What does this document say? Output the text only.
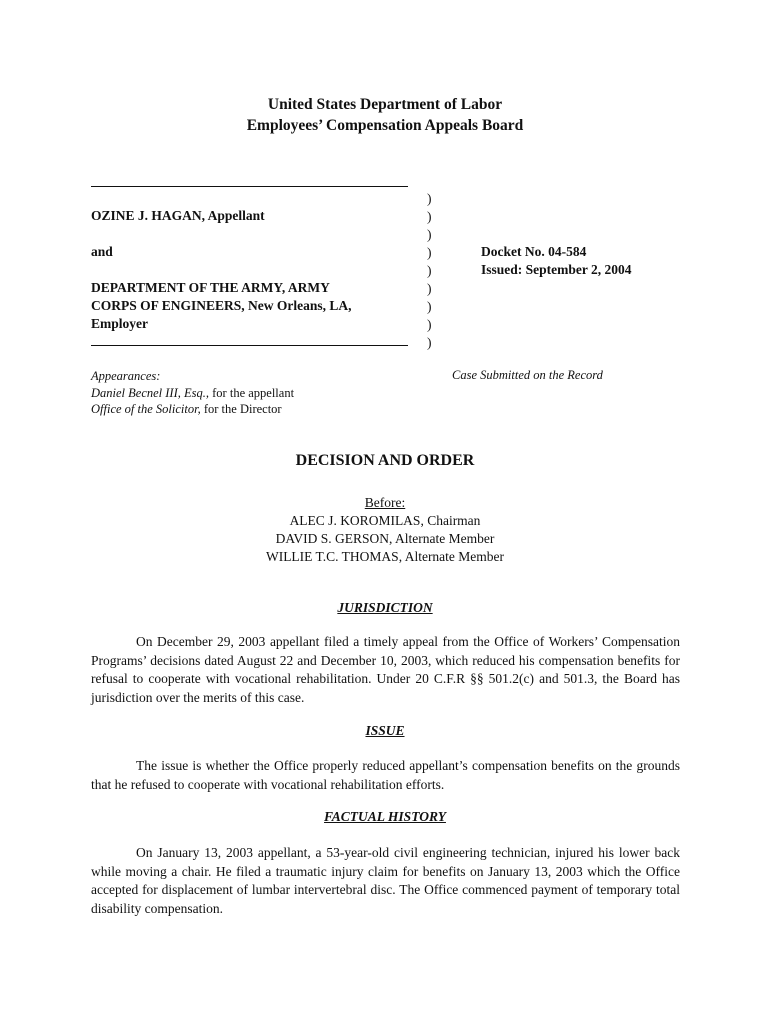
United States Department of Labor
Employees’ Compensation Appeals Board
OZINE J. HAGAN, Appellant
and
DEPARTMENT OF THE ARMY, ARMY
CORPS OF ENGINEERS, New Orleans, LA,
Employer
)
)
)
)
)
)
)
)
)
Docket No. 04-584
Issued: September 2, 2004
Appearances:
Daniel Becnel III, Esq., for the appellant
Office of the Solicitor, for the Director
Case Submitted on the Record
DECISION AND ORDER
Before:
ALEC J. KOROMILAS, Chairman
DAVID S. GERSON, Alternate Member
WILLIE T.C. THOMAS, Alternate Member
JURISDICTION
On December 29, 2003 appellant filed a timely appeal from the Office of Workers’ Compensation Programs’ decisions dated August 22 and December 10, 2003, which reduced his compensation benefits for refusal to cooperate with vocational rehabilitation. Under 20 C.F.R §§ 501.2(c) and 501.3, the Board has jurisdiction over the merits of this case.
ISSUE
The issue is whether the Office properly reduced appellant’s compensation benefits on the grounds that he refused to cooperate with vocational rehabilitation efforts.
FACTUAL HISTORY
On January 13, 2003 appellant, a 53-year-old civil engineering technician, injured his lower back while moving a chair. He filed a traumatic injury claim for benefits on January 13, 2003 which the Office accepted for displacement of lumbar intervertebral disc. The Office commenced payment of temporary total disability compensation.
